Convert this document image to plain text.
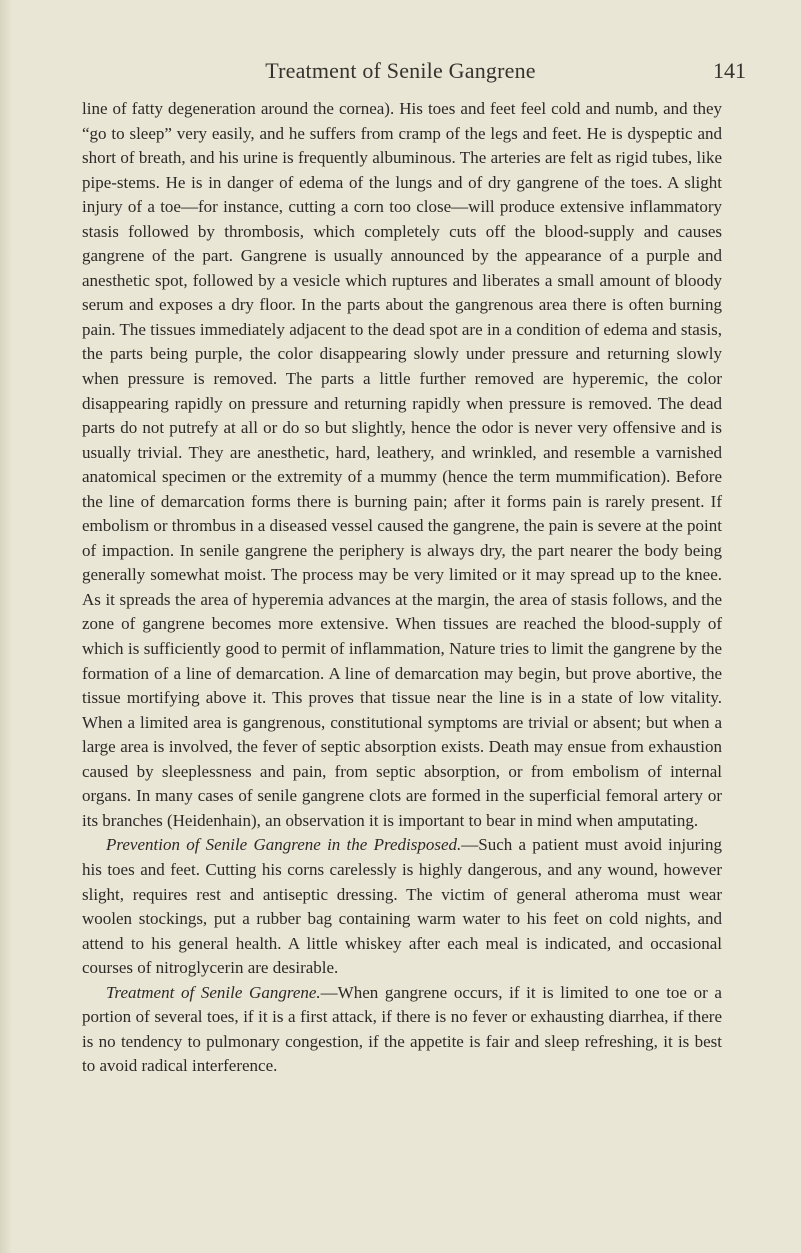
Treatment of Senile Gangrene	141

line of fatty degeneration around the cornea). His toes and feet feel cold and numb, and they “go to sleep” very easily, and he suffers from cramp of the legs and feet. He is dyspeptic and short of breath, and his urine is frequently albuminous. The arteries are felt as rigid tubes, like pipe-stems. He is in danger of edema of the lungs and of dry gangrene of the toes. A slight injury of a toe—for instance, cutting a corn too close—will produce extensive inflammatory stasis followed by thrombosis, which completely cuts off the blood-supply and causes gangrene of the part. Gangrene is usually announced by the appearance of a purple and anesthetic spot, followed by a vesicle which ruptures and liberates a small amount of bloody serum and exposes a dry floor. In the parts about the gangrenous area there is often burning pain. The tissues immediately adjacent to the dead spot are in a condition of edema and stasis, the parts being purple, the color disappearing slowly under pressure and returning slowly when pressure is removed. The parts a little further removed are hyperemic, the color disappearing rapidly on pressure and returning rapidly when pressure is removed. The dead parts do not putrefy at all or do so but slightly, hence the odor is never very offensive and is usually trivial. They are anesthetic, hard, leathery, and wrinkled, and resemble a varnished anatomical specimen or the extremity of a mummy (hence the term mummification). Before the line of demarcation forms there is burning pain; after it forms pain is rarely present. If embolism or thrombus in a diseased vessel caused the gangrene, the pain is severe at the point of impaction. In senile gangrene the periphery is always dry, the part nearer the body being generally somewhat moist. The process may be very limited or it may spread up to the knee. As it spreads the area of hyperemia advances at the margin, the area of stasis follows, and the zone of gangrene becomes more extensive. When tissues are reached the blood-supply of which is sufficiently good to permit of inflammation, Nature tries to limit the gangrene by the formation of a line of demarcation. A line of demarcation may begin, but prove abortive, the tissue mortifying above it. This proves that tissue near the line is in a state of low vitality. When a limited area is gangrenous, constitutional symptoms are trivial or absent; but when a large area is involved, the fever of septic absorption exists. Death may ensue from exhaustion caused by sleeplessness and pain, from septic absorption, or from embolism of internal organs. In many cases of senile gangrene clots are formed in the superficial femoral artery or its branches (Heidenhain), an observation it is important to bear in mind when amputating.

Prevention of Senile Gangrene in the Predisposed.—Such a patient must avoid injuring his toes and feet. Cutting his corns carelessly is highly dangerous, and any wound, however slight, requires rest and antiseptic dressing. The victim of general atheroma must wear woolen stockings, put a rubber bag containing warm water to his feet on cold nights, and attend to his general health. A little whiskey after each meal is indicated, and occasional courses of nitroglycerin are desirable.

Treatment of Senile Gangrene.—When gangrene occurs, if it is limited to one toe or a portion of several toes, if it is a first attack, if there is no fever or exhausting diarrhea, if there is no tendency to pulmonary congestion, if the appetite is fair and sleep refreshing, it is best to avoid radical interference.
